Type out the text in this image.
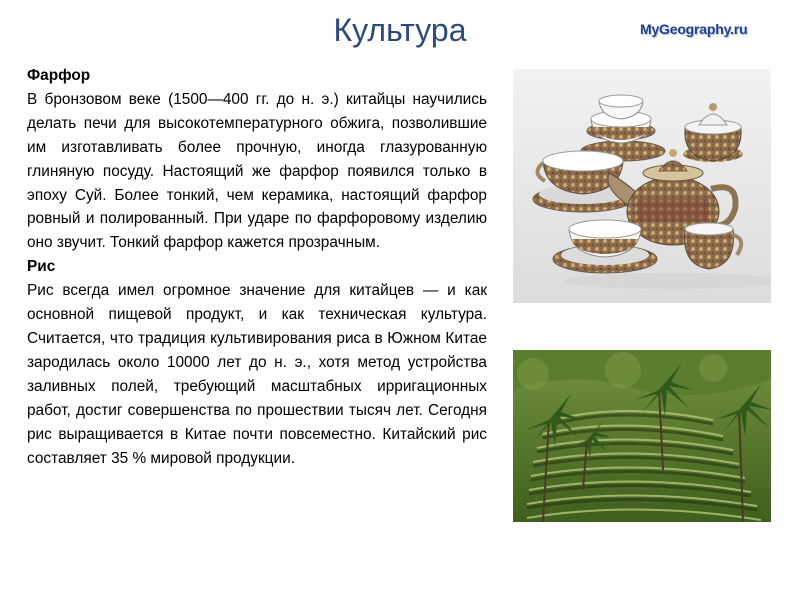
Культура	MyGeography.ru
Фарфор

В бронзовом веке (1500—400 гг. до н. э.) китайцы научились делать печи для высокотемпературного обжига, позволившие им изготавливать более прочную, иногда глазурованную глиняную посуду. Настоящий же фарфор появился только в эпоху Суй. Более тонкий, чем керамика, настоящий фарфор ровный и полированный. При ударе по фарфоровому изделию оно звучит. Тонкий фарфор кажется прозрачным.

Рис

Рис всегда имел огромное значение для китайцев — и как основной пищевой продукт, и как техническая культура. Считается, что традиция культивирования риса в Южном Китае зародилась около 10000 лет до н. э., хотя метод устройства заливных полей, требующий масштабных ирригационных работ, достиг совершенства по прошествии тысяч лет. Сегодня рис выращивается в Китае почти повсеместно. Китайский рис составляет 35 % мировой продукции.
